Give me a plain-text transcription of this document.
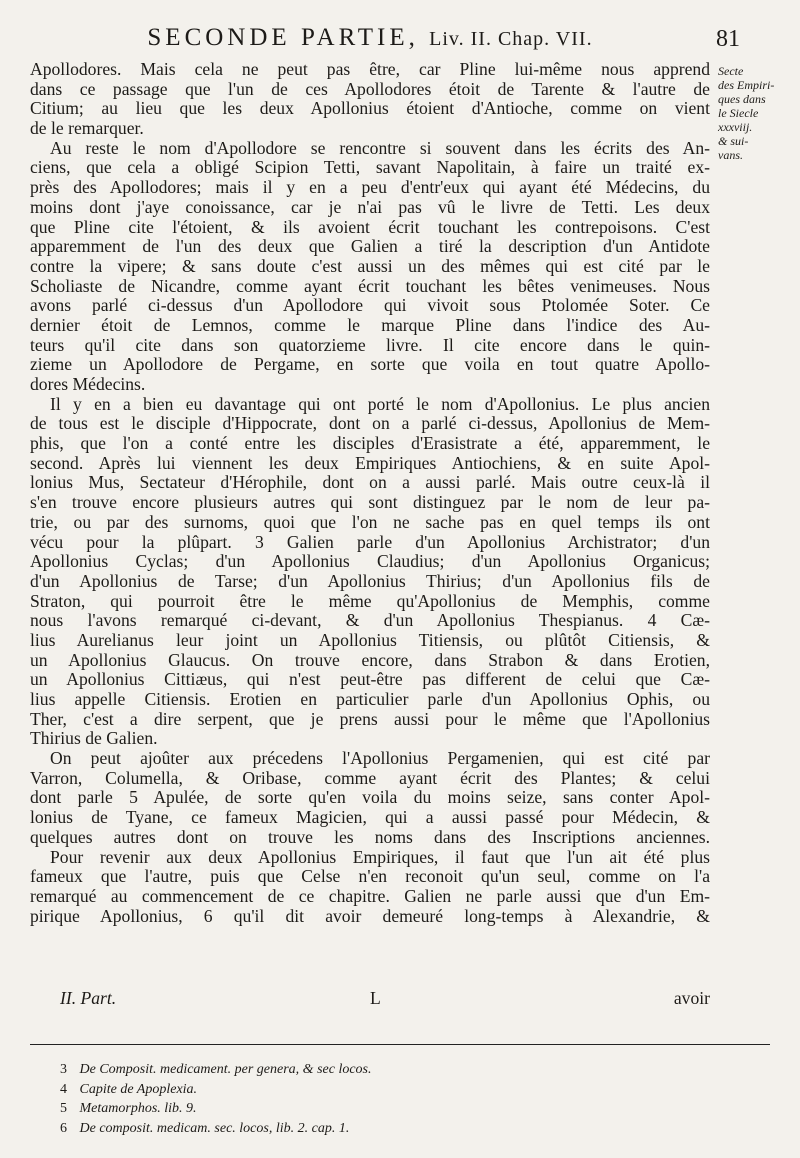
SECONDE PARTIE, Liv. II. Chap. VII.	81
Secte
des Empiri-
ques dans
le Siecle
xxxviij.
& sui-
vans.
Apollodores. Mais cela ne peut pas être, car Pline lui-même nous apprend
dans ce passage que l'un de ces Apollodores étoit de Tarente & l'autre de
Citium; au lieu que les deux Apollonius étoient d'Antioche, comme on vient
de le remarquer.
Au reste le nom d'Apollodore se rencontre si souvent dans les écrits des An-
ciens, que cela a obligé Scipion Tetti, savant Napolitain, à faire un traité ex-
près des Apollodores; mais il y en a peu d'entr'eux qui ayant été Médecins, du
moins dont j'aye conoissance, car je n'ai pas vû le livre de Tetti. Les deux
que Pline cite l'étoient, & ils avoient écrit touchant les contrepoisons. C'est
apparemment de l'un des deux que Galien a tiré la description d'un Antidote
contre la vipere; & sans doute c'est aussi un des mêmes qui est cité par le
Scholiaste de Nicandre, comme ayant écrit touchant les bêtes venimeuses. Nous
avons parlé ci-dessus d'un Apollodore qui vivoit sous Ptolomée Soter. Ce
dernier étoit de Lemnos, comme le marque Pline dans l'indice des Au-
teurs qu'il cite dans son quatorzieme livre. Il cite encore dans le quin-
zieme un Apollodore de Pergame, en sorte que voila en tout quatre Apollo-
dores Médecins.
Il y en a bien eu davantage qui ont porté le nom d'Apollonius. Le plus ancien
de tous est le disciple d'Hippocrate, dont on a parlé ci-dessus, Apollonius de Mem-
phis, que l'on a conté entre les disciples d'Erasistrate a été, apparemment, le
second. Après lui viennent les deux Empiriques Antiochiens, & en suite Apol-
lonius Mus, Sectateur d'Hérophile, dont on a aussi parlé. Mais outre ceux-là il
s'en trouve encore plusieurs autres qui sont distinguez par le nom de leur pa-
trie, ou par des surnoms, quoi que l'on ne sache pas en quel temps ils ont
vécu pour la plûpart. 3 Galien parle d'un Apollonius Archistrator; d'un
Apollonius Cyclas; d'un Apollonius Claudius; d'un Apollonius Organicus;
d'un Apollonius de Tarse; d'un Apollonius Thirius; d'un Apollonius fils de
Straton, qui pourroit être le même qu'Apollonius de Memphis, comme
nous l'avons remarqué ci-devant, & d'un Apollonius Thespianus. 4 Cæ-
lius Aurelianus leur joint un Apollonius Titiensis, ou plûtôt Citiensis, &
un Apollonius Glaucus. On trouve encore, dans Strabon & dans Erotien,
un Apollonius Cittiæus, qui n'est peut-être pas different de celui que Cæ-
lius appelle Citiensis. Erotien en particulier parle d'un Apollonius Ophis, ou
Ther, c'est a dire serpent, que je prens aussi pour le même que l'Apollonius
Thirius de Galien.
On peut ajoûter aux précedens l'Apollonius Pergamenien, qui est cité par
Varron, Columella, & Oribase, comme ayant écrit des Plantes; & celui
dont parle 5 Apulée, de sorte qu'en voila du moins seize, sans conter Apol-
lonius de Tyane, ce fameux Magicien, qui a aussi passé pour Médecin, &
quelques autres dont on trouve les noms dans des Inscriptions anciennes.
Pour revenir aux deux Apollonius Empiriques, il faut que l'un ait été plus
fameux que l'autre, puis que Celse n'en reconoit qu'un seul, comme on l'a
remarqué au commencement de ce chapitre. Galien ne parle aussi que d'un Em-
pirique Apollonius, 6 qu'il dit avoir demeuré long-temps à Alexandrie, &
II. Part.	L	avoir
3 De Composit. medicament. per genera, & sec locos.
4 Capite de Apoplexia.
5 Metamorphos. lib. 9.
6 De composit. medicam. sec. locos, lib. 2. cap. 1.
